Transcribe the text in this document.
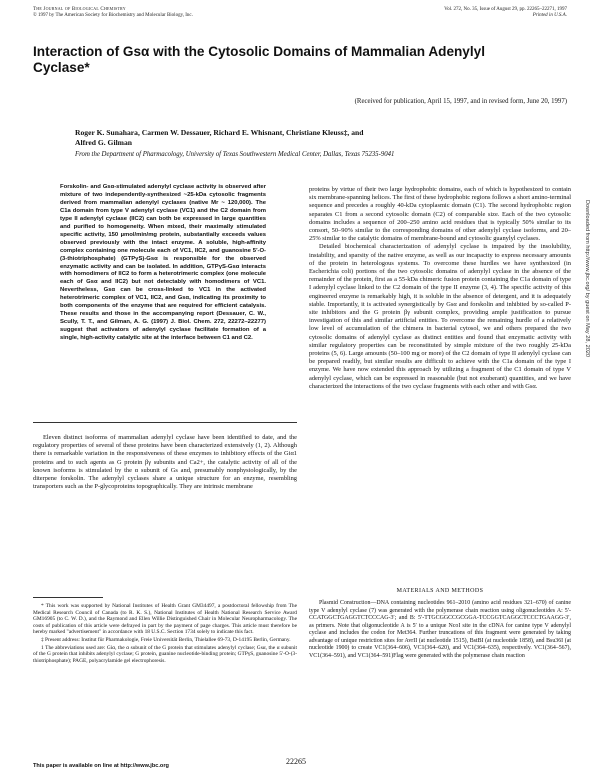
The Journal of Biological Chemistry
© 1997 by The American Society for Biochemistry and Molecular Biology, Inc.
Vol. 272, No. 35, Issue of August 29, pp. 22265–22271, 1997
Printed in U.S.A.
Interaction of Gsα with the Cytosolic Domains of Mammalian Adenylyl Cyclase*
(Received for publication, April 15, 1997, and in revised form, June 20, 1997)
Roger K. Sunahara, Carmen W. Dessauer, Richard E. Whisnant, Christiane Kleuss‡, and
Alfred G. Gilman
From the Department of Pharmacology, University of Texas Southwestern Medical Center, Dallas, Texas 75235-9041

Forskolin- and Gsα-stimulated adenylyl cyclase activity is observed after mixture of two independently-synthesized ~25-kDa cytosolic fragments derived from mammalian adenylyl cyclases (native Mr ~ 120,000). The C1a domain from type V adenylyl cyclase (VC1) and the C2 domain from type II adenylyl cyclase (IIC2) can both be expressed in large quantities and purified to homogeneity. When mixed, their maximally stimulated specific activity, 150 µmol/min/mg protein, substantially exceeds values observed previously with the intact enzyme. A soluble, high-affinity complex containing one molecule each of VC1, IIC2, and guanosine 5′-O-(3-thiotriphosphate) (GTPγS)-Gsα is responsible for the observed enzymatic activity and can be isolated. In addition, GTPγS-Gsα interacts with homodimers of IIC2 to form a heterotrimeric complex (one molecule each of Gsα and IIC2) but not detectably with homodimers of VC1. Nevertheless, Gsα can be cross-linked to VC1 in the activated heterotrimeric complex of VC1, IIC2, and Gsα, indicating its proximity to both components of the enzyme that are required for efficient catalysis. These results and those in the accompanying report (Dessauer, C. W., Scully, T. T., and Gilman, A. G. (1997) J. Biol. Chem. 272, 22272–22277) suggest that activators of adenylyl cyclase facilitate formation of a single, high-activity catalytic site at the interface between C1 and C2.

Eleven distinct isoforms of mammalian adenylyl cyclase have been identified to date, and the regulatory properties of several of these proteins have been characterized extensively (1, 2). Although there is remarkable variation in the responsiveness of these enzymes to inhibitory effects of the Giα1 proteins and to such agents as G protein βγ subunits and Ca2+, the catalytic activity of all of the known isoforms is stimulated by the α subunit of Gs and, presumably nonphysiologically, by the diterpene forskolin. The adenylyl cyclases share a unique structure for an enzyme, resembling transporters such as the P-glycoproteins topographically. They are intrinsic membrane

* This work was supported by National Institutes of Health Grant GM34497, a postdoctoral fellowship from The Medical Research Council of Canada (to R. K. S.), National Institutes of Health National Research Service Award GM16905 (to C. W. D.), and the Raymond and Ellen Willie Distinguished Chair in Molecular Neuropharmacology. The costs of publication of this article were defrayed in part by the payment of page charges. This article must therefore be hereby marked "advertisement" in accordance with 18 U.S.C. Section 1734 solely to indicate this fact.

‡ Present address: Institut für Pharmakologie, Freie Universität Berlin, Thielallee 69-73, D-14195 Berlin, Germany.

1 The abbreviations used are: Giα, the α subunit of the G protein that stimulates adenylyl cyclase; Gsα, the α subunit of the G protein that inhibits adenylyl cyclase; G protein, guanine nucleotide-binding protein; GTPγS, guanosine 5′-O-(3-thiotriphosphate); PAGE, polyacrylamide gel electrophoresis.

proteins by virtue of their two large hydrophobic domains, each of which is hypothesized to contain six membrane-spanning helices. The first of these hydrophobic regions follows a short amino-terminal sequence and precedes a roughly 40-kDa cytoplasmic domain (C1). The second hydrophobic region separates C1 from a second cytosolic domain (C2) of comparable size. Each of the two cytosolic domains includes a sequence of 200–250 amino acid residues that is typically 50% similar to its consort, 50–90% similar to the corresponding domains of other adenylyl cyclase isoforms, and 20–25% similar to the catalytic domains of membrane-bound and cytosolic guanylyl cyclases.

Detailed biochemical characterization of adenylyl cyclase is impaired by the insolubility, instability, and sparsity of the native enzyme, as well as our incapacity to express necessary amounts of the protein in heterologous systems. To overcome these hurdles we have synthesized (in Escherichia coli) portions of the two cytosolic domains of adenylyl cyclase in the absence of the remainder of the protein, first as a 55-kDa chimeric fusion protein containing the C1a domain of type I adenylyl cyclase linked to the C2 domain of the type II enzyme (3, 4). The specific activity of this engineered enzyme is remarkably high, it is soluble in the absence of detergent, and it is adequately stable. Importantly, it is activated synergistically by Gsα and forskolin and inhibited by so-called P-site inhibitors and the G protein βγ subunit complex, providing ample justification to pursue investigation of this and similar artificial entities. To overcome the remaining hurdle of a relatively low level of accumulation of the chimera in bacterial cytosol, we and others prepared the two cytosolic domains of adenylyl cyclase as distinct entities and found that enzymatic activity with similar regulatory properties can be reconstituted by simple mixture of the two roughly 25-kDa proteins (5, 6). Large amounts (50–100 mg or more) of the C2 domain of type II adenylyl cyclase can be prepared readily, but similar results are difficult to achieve with the C1a domain of the type I enzyme. We have now extended this approach by utilizing a fragment of the C1 domain of type V adenylyl cyclase, which can be expressed in reasonable (but not exuberant) quantities, and we have characterized the interactions of the two cyclase fragments with each other and with Gsα.

MATERIALS AND METHODS

Plasmid Construction—DNA containing nucleotides 961–2010 (amino acid residues 321–670) of canine type V adenylyl cyclase (7) was generated with the polymerase chain reaction using oligonucleotides A: 5′-CCATGGCTGAGGTCTCCCAG-3′; and B: 5′-TTGCGGCCGCGGA-TCCGGTCAGGCTCCCTGAAGG-3′, as primers. Note that oligonucleotide A is 5′ to a unique NcoI site in the cDNA for canine type V adenylyl cyclase and includes the codon for Met364. Further truncations of this fragment were generated by taking advantage of unique restriction sites for AvrII (at nucleotide 1515), BstBI (at nucleotide 1858), and Bsu36I (at nucleotide 1900) to create VC1(364–606), VC1(364–620), and VC1(364–635), respectively. VC1(364–567), VC1(364–591), and VC1(364–591)Flag were generated with the polymerase chain reaction

Downloaded from http://www.jbc.org/ by guest on May 28, 2020
22265
This paper is available on line at http://www.jbc.org
